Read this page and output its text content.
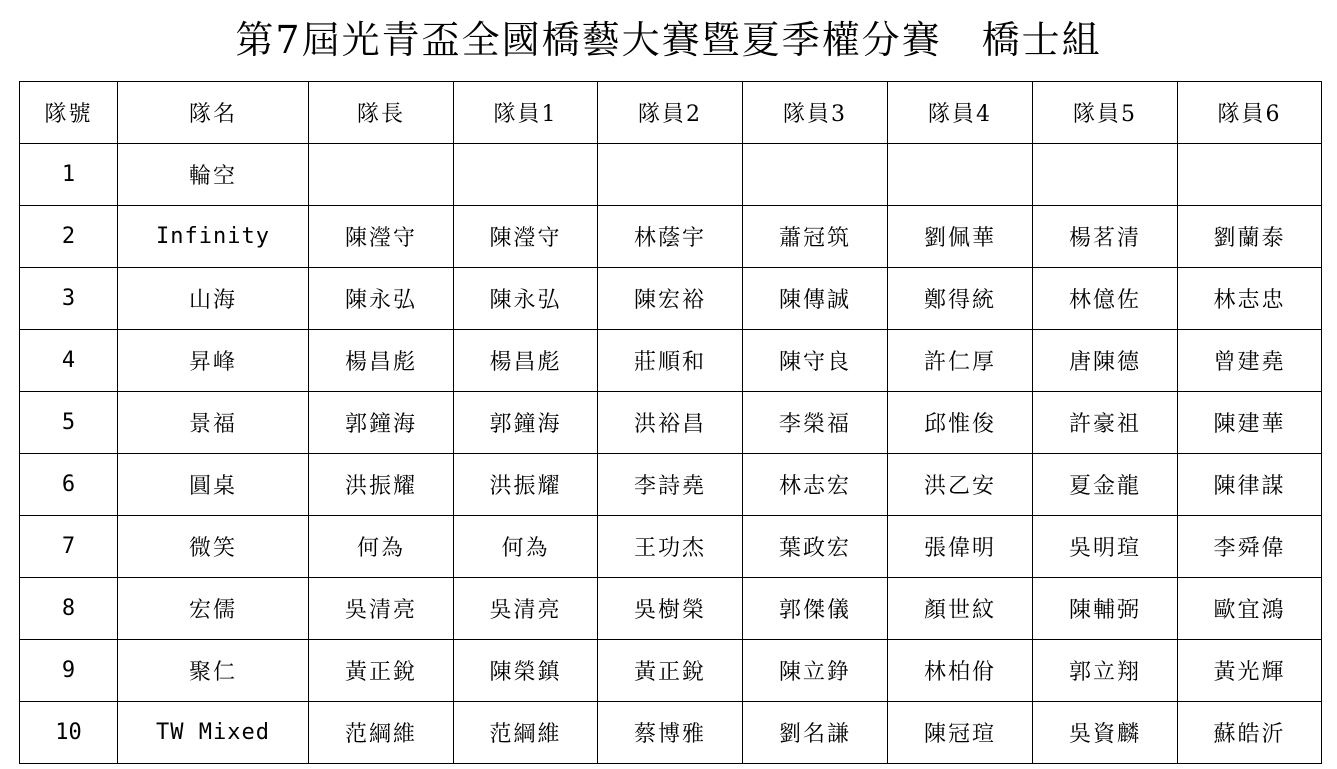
第7屆光青盃全國橋藝大賽暨夏季權分賽　橋士組
隊號	隊名	隊長	隊員1	隊員2	隊員3	隊員4	隊員5	隊員6
1	輪空							
2	Infinity	陳瀅守	陳瀅守	林蔭宇	蕭冠筑	劉佩華	楊茗清	劉蘭泰
3	山海	陳永弘	陳永弘	陳宏裕	陳傳誠	鄭得統	林億佐	林志忠
4	昇峰	楊昌彪	楊昌彪	莊順和	陳守良	許仁厚	唐陳德	曾建堯
5	景福	郭鐘海	郭鐘海	洪裕昌	李榮福	邱惟俊	許豪祖	陳建華
6	圓桌	洪振耀	洪振耀	李詩堯	林志宏	洪乙安	夏金龍	陳律謀
7	微笑	何為	何為	王功杰	葉政宏	張偉明	吳明瑄	李舜偉
8	宏儒	吳清亮	吳清亮	吳樹榮	郭傑儀	顏世紋	陳輔弼	歐宜鴻
9	聚仁	黃正銳	陳榮鎮	黃正銳	陳立錚	林柏佾	郭立翔	黃光輝
10	TW Mixed	范綱維	范綱維	蔡博雅	劉名謙	陳冠瑄	吳資麟	蘇皓沂
